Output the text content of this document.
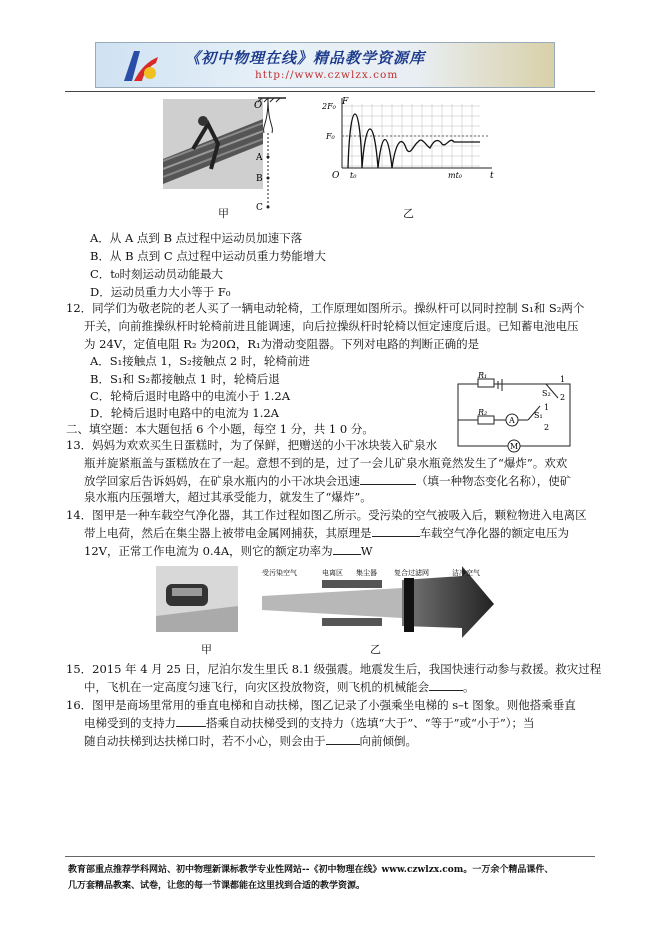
《初中物理在线》精品教学资源库
http://www.czwlzx.com
O
A
B
C
甲
F
t
2F₀
F₀
O t₀	mt₀
乙
A．从 A 点到 B 点过程中运动员加速下落
B．从 B 点到 C 点过程中运动员重力势能增大
C．t₀时刻运动员动能最大
D．运动员重力大小等于 F₀
12．同学们为敬老院的老人买了一辆电动轮椅，工作原理如图所示。操纵杆可以同时控制 S₁和 S₂两个
开关，向前推操纵杆时轮椅前进且能调速，向后拉操纵杆时轮椅以恒定速度后退。已知蓄电池电压
为 24V，定值电阻 R₂ 为20Ω，R₁为滑动变阻器。下列对电路的判断正确的是
A．S₁接触点 1，S₂接触点 2 时，轮椅前进
B．S₁和 S₂都接触点 1 时，轮椅后退
C．轮椅后退时电路中的电流小于 1.2A
D．轮椅后退时电路中的电流为 1.2A
R₁
R₂	S₁
S₂
A
M
1
2
1
2
二、填空题：本大题包括 6 个小题，每空 1 分，共 1 0 分。
13．妈妈为欢欢买生日蛋糕时，为了保鲜，把赠送的小干冰块装入矿泉水
瓶并旋紧瓶盖与蛋糕放在了一起。意想不到的是，过了一会儿矿泉水瓶竟然发生了“爆炸”。欢欢
放学回家后告诉妈妈，在矿泉水瓶内的小干冰块会迅速	（填一种物态变化名称），使矿
泉水瓶内压强增大，超过其承受能力，就发生了“爆炸”。
14．图甲是一种车载空气净化器，其工作过程如图乙所示。受污染的空气被吸入后，颗粒物进入电离区
带上电荷，然后在集尘器上被带电金属网捕获，其原理是	车载空气净化器的额定电压为
12V，正常工作电流为 0.4A，则它的额定功率为 W
甲
受污染空气	电离区 集尘器 复合过滤网	洁净空气
乙
15．2015 年 4 月 25 日，尼泊尔发生里氏 8.1 级强震。地震发生后，我国快速行动参与救援。救灾过程
中，飞机在一定高度匀速飞行，向灾区投放物资，则飞机的机械能会	。
16．图甲是商场里常用的垂直电梯和自动扶梯，图乙记录了小强乘坐电梯的 s–t 图象。则他搭乘垂直
电梯受到的支持力	搭乘自动扶梯受到的支持力（选填“大于”、“等于”或“小于”）；当
随自动扶梯到达扶梯口时，若不小心，则会由于	向前倾倒。
教育部重点推荐学科网站、初中物理新课标教学专业性网站--《初中物理在线》www.czwlzx.com。一万余个精品课件、
几万套精品教案、试卷，让您的每一节课都能在这里找到合适的教学资源。
